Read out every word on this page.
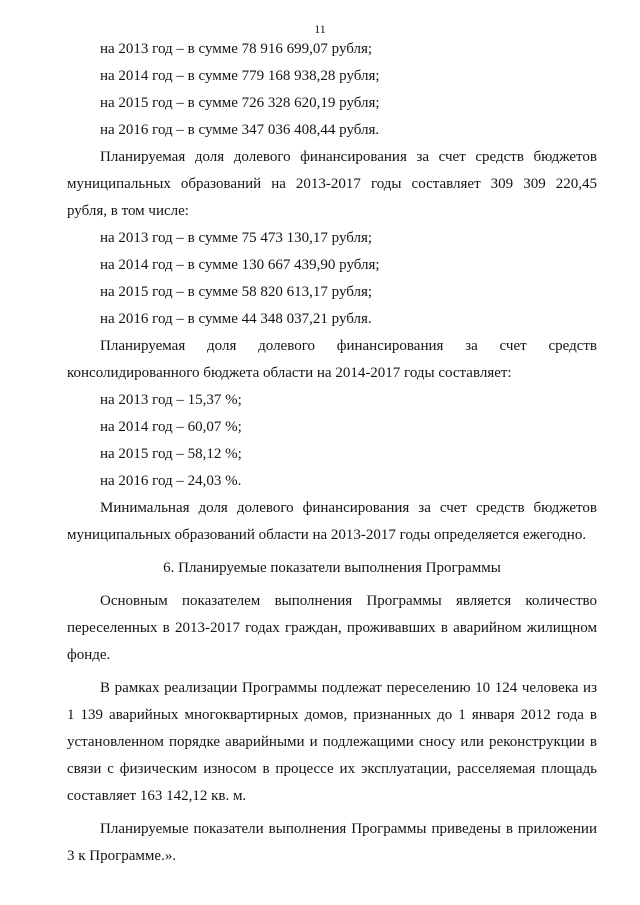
11
на 2013 год – в сумме 78 916 699,07 рубля;
на 2014 год – в сумме 779 168 938,28 рубля;
на 2015 год – в сумме 726 328 620,19 рубля;
на 2016 год – в сумме 347 036 408,44 рубля.
Планируемая доля долевого финансирования за счет средств бюджетов
муниципальных образований на 2013-2017 годы составляет 309 309 220,45
рубля, в том числе:
на 2013 год – в сумме 75 473 130,17 рубля;
на 2014 год – в сумме 130 667 439,90 рубля;
на 2015 год – в сумме 58 820 613,17 рубля;
на 2016 год – в сумме 44 348 037,21 рубля.
Планируемая доля долевого финансирования за счет средств
консолидированного бюджета области на 2014-2017 годы составляет:
на 2013 год – 15,37 %;
на 2014 год – 60,07 %;
на 2015 год – 58,12 %;
на 2016 год – 24,03 %.
Минимальная доля долевого финансирования за счет средств бюджетов
муниципальных образований области на 2013-2017 годы определяется ежегодно.
6. Планируемые показатели выполнения Программы
Основным показателем выполнения Программы является количество
переселенных в 2013-2017 годах граждан, проживавших в аварийном жилищном
фонде.
В рамках реализации Программы подлежат переселению 10 124 человека из
1 139 аварийных многоквартирных домов, признанных до 1 января 2012 года в
установленном порядке аварийными и подлежащими сносу или реконструкции в
связи с физическим износом в процессе их эксплуатации, расселяемая площадь
составляет 163 142,12 кв. м.
Планируемые показатели выполнения Программы приведены в приложении
3 к Программе.».
